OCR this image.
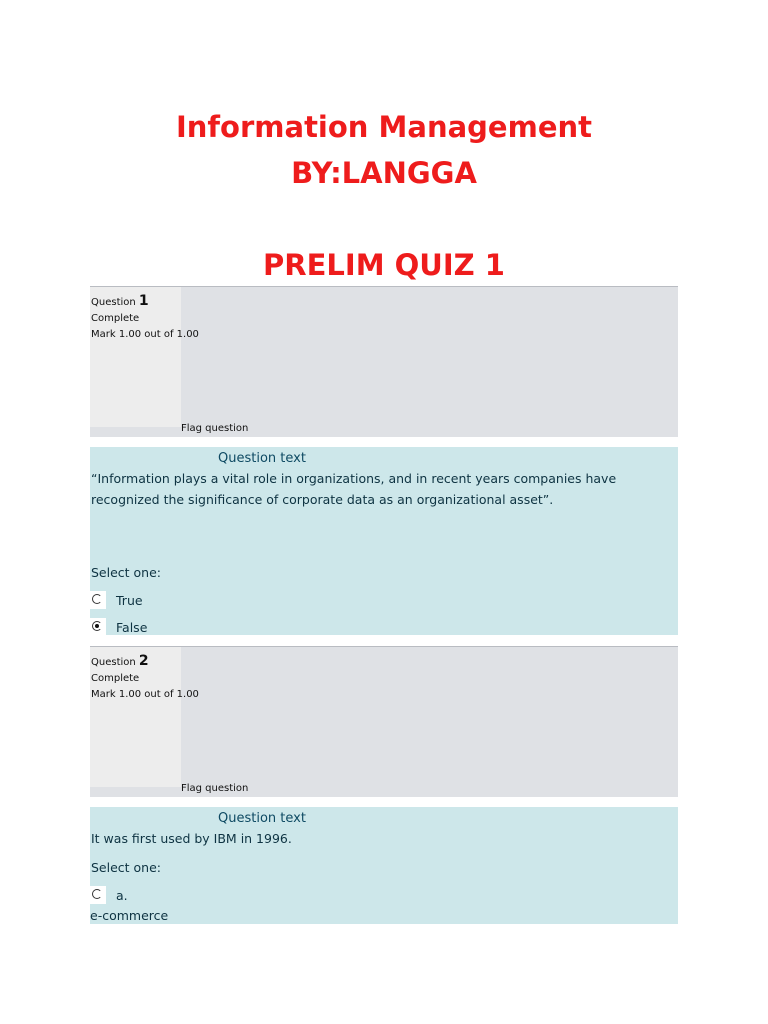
Information Management
BY:LANGGA
PRELIM QUIZ 1
Question 1
Complete
Mark 1.00 out of 1.00
Flag question
Question text
“Information plays a vital role in organizations, and in recent years companies have recognized the significance of corporate data as an organizational asset”.
Select one:
True
False
Question 2
Complete
Mark 1.00 out of 1.00
Flag question
Question text
It was first used by IBM in 1996.
Select one:
a.
e-commerce
